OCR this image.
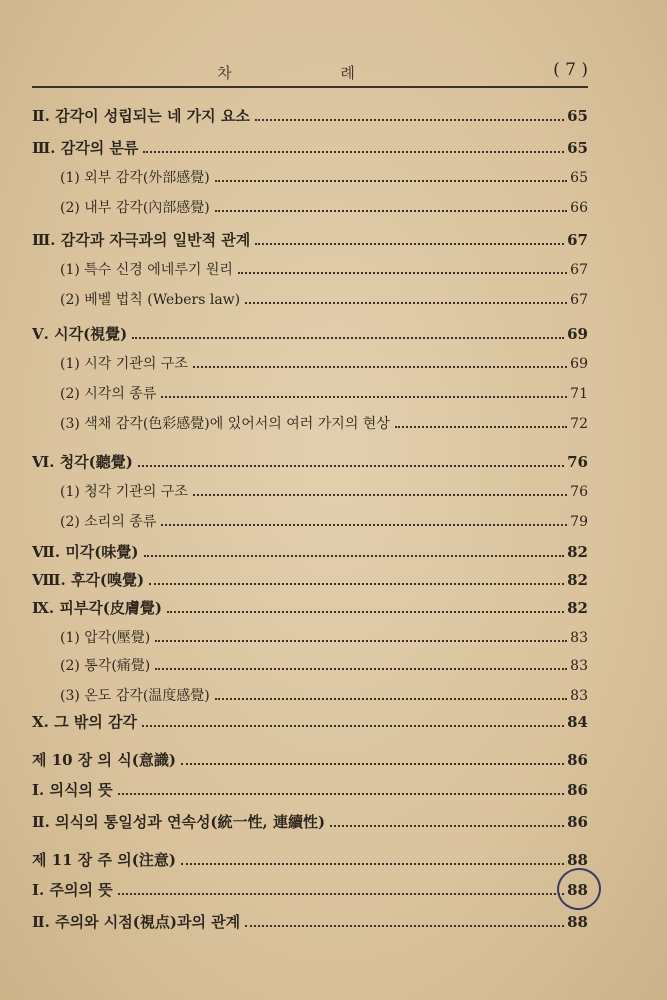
차 례	( 7 )
Ⅱ. 감각이 성립되는 네 가지 요소	65
Ⅲ. 감각의 분류	65
(1) 외부 감각(外部感覺)	65
(2) 내부 감각(內部感覺)	66
Ⅲ. 감각과 자극과의 일반적 관계	67
(1) 특수 신경 에네루기 원리	67
(2) 베벨 법칙 (Webers law)	67
Ⅴ. 시각(視覺)	69
(1) 시각 기관의 구조	69
(2) 시각의 종류	71
(3) 색채 감각(色彩感覺)에 있어서의 여러 가지의 현상	72
Ⅵ. 청각(聽覺)	76
(1) 청각 기관의 구조	76
(2) 소리의 종류	79
Ⅶ. 미각(味覺)	82
Ⅷ. 후각(嗅覺)	82
Ⅸ. 피부각(皮膚覺)	82
(1) 압각(壓覺)	83
(2) 통각(痛覺)	83
(3) 온도 감각(温度感覺)	83
Ⅹ. 그 밖의 감각	84
제 10 장 의 식(意識)	86
Ⅰ. 의식의 뜻	86
Ⅱ. 의식의 통일성과 연속성(統一性, 連續性)	86
제 11 장 주 의(注意)	88
Ⅰ. 주의의 뜻	88
Ⅱ. 주의와 시점(視点)과의 관계	88
